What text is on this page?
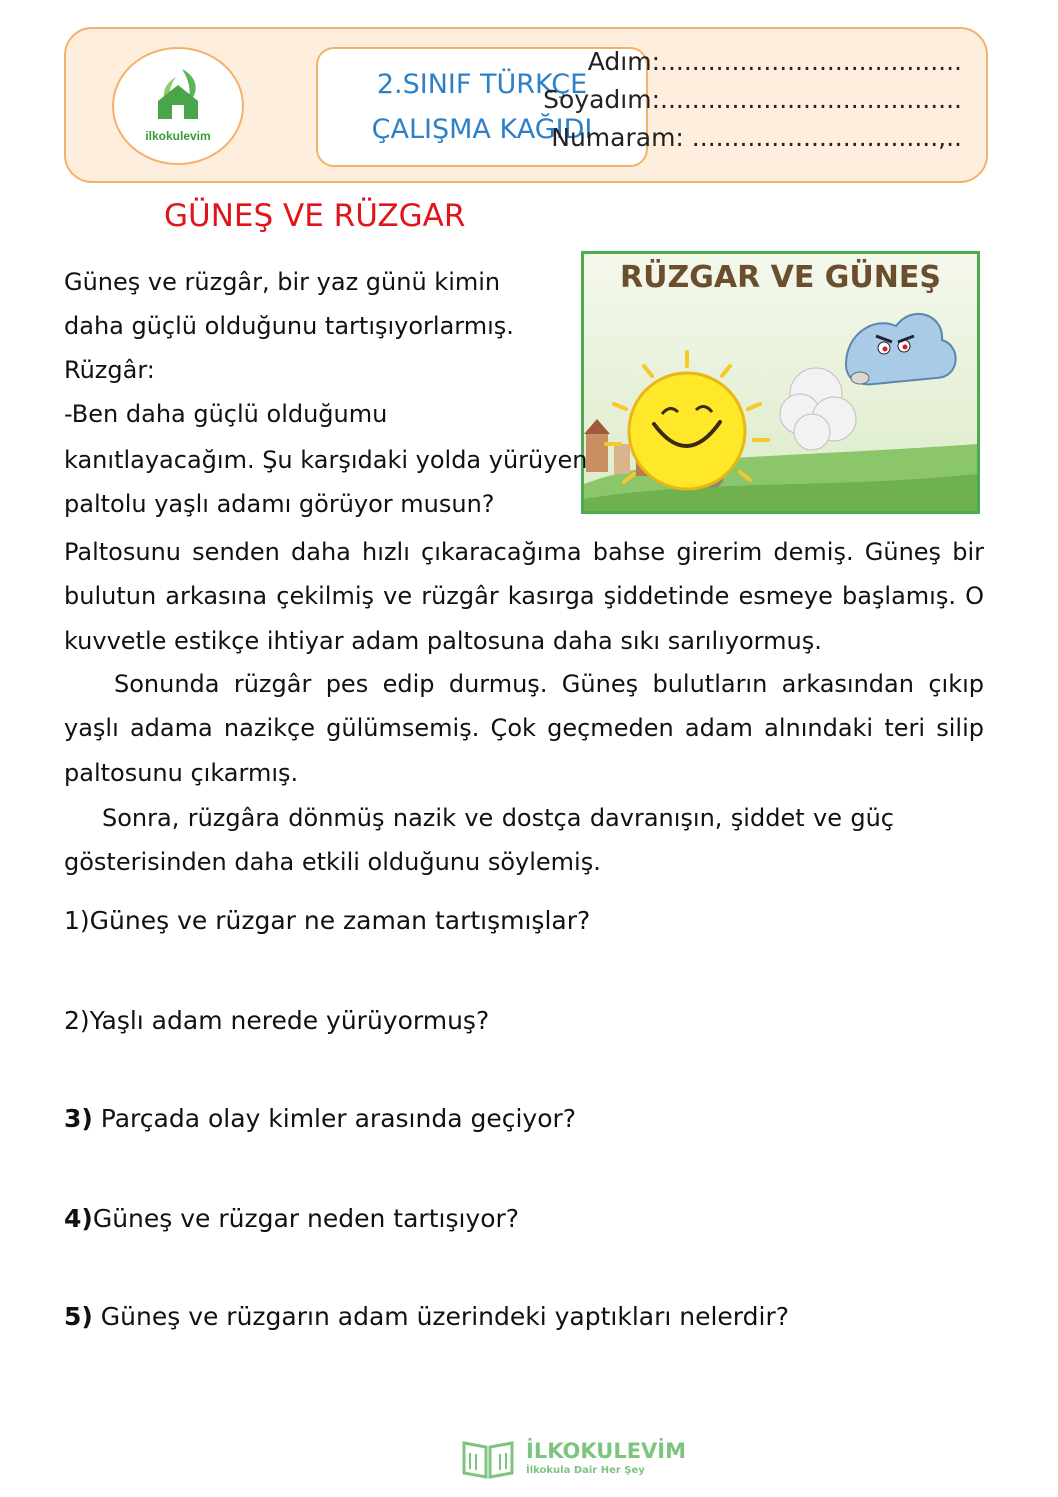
ilkokulevim
2.SINIF TÜRKÇE
ÇALIŞMA KAĞIDI
Adım:......................................
Soyadım:......................................
Numaram: ...............................,..
GÜNEŞ VE RÜZGAR
RÜZGAR VE GÜNEŞ
Güneş ve rüzgâr, bir yaz günü kimin
daha güçlü olduğunu tartışıyorlarmış.
Rüzgâr:
-Ben daha güçlü olduğumu
kanıtlayacağım. Şu karşıdaki yolda yürüyen
paltolu yaşlı adamı görüyor musun?
Paltosunu senden daha hızlı çıkaracağıma bahse girerim demiş. Güneş bir bulutun arkasına çekilmiş ve rüzgâr kasırga şiddetinde esmeye başlamış. O kuvvetle estikçe ihtiyar adam paltosuna daha sıkı sarılıyormuş.
Sonunda rüzgâr pes edip durmuş. Güneş bulutların arkasından çıkıp yaşlı adama nazikçe gülümsemiş. Çok geçmeden adam alnındaki teri silip paltosunu çıkarmış.
Sonra, rüzgâra dönmüş nazik ve dostça davranışın, şiddet ve güç gösterisinden daha etkili olduğunu söylemiş.
1)Güneş ve rüzgar ne zaman tartışmışlar?
2)Yaşlı adam nerede yürüyormuş?
3) Parçada olay kimler arasında geçiyor?
4)Güneş ve rüzgar neden tartışıyor?
5) Güneş ve rüzgarın adam üzerindeki yaptıkları nelerdir?
İLKOKULEVİM
İlkokula Dair Her Şey
